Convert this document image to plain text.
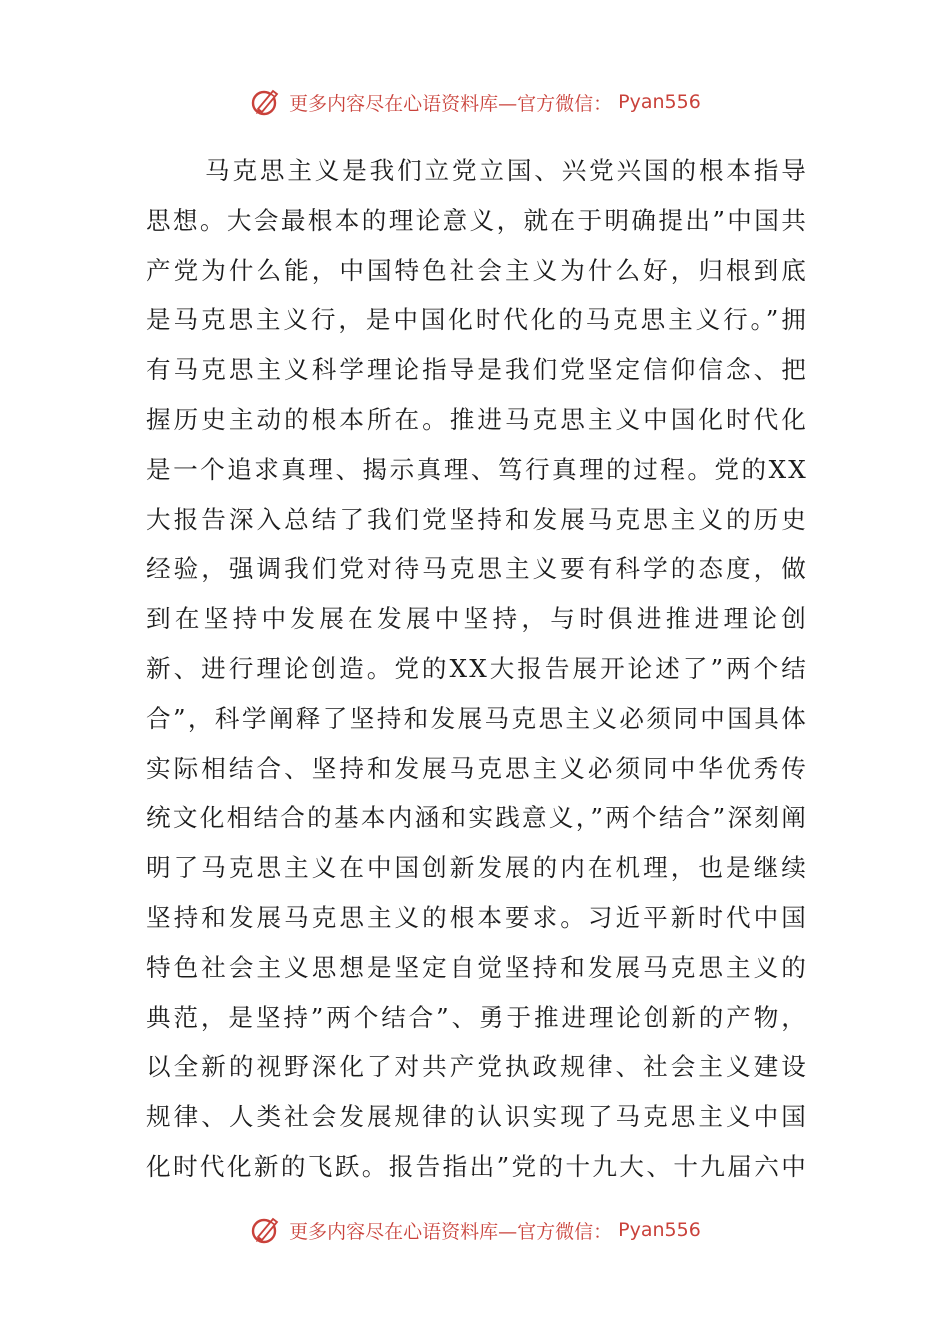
更多内容尽在心语资料库—官方微信： Pyan556

马克思主义是我们立党立国、兴党兴国的根本指导思想。大会最根本的理论意义，就在于明确提出”中国共产党为什么能，中国特色社会主义为什么好，归根到底是马克思主义行，是中国化时代化的马克思主义行。”拥有马克思主义科学理论指导是我们党坚定信仰信念、把握历史主动的根本所在。推进马克思主义中国化时代化是一个追求真理、揭示真理、笃行真理的过程。党的XX大报告深入总结了我们党坚持和发展马克思主义的历史经验，强调我们党对待马克思主义要有科学的态度，做到在坚持中发展在发展中坚持，与时俱进推进理论创新、进行理论创造。党的XX大报告展开论述了”两个结合”，科学阐释了坚持和发展马克思主义必须同中国具体实际相结合、坚持和发展马克思主义必须同中华优秀传统文化相结合的基本内涵和实践意义，”两个结合”深刻阐明了马克思主义在中国创新发展的内在机理，也是继续坚持和发展马克思主义的根本要求。习近平新时代中国特色社会主义思想是坚定自觉坚持和发展马克思主义的典范，是坚持”两个结合”、勇于推进理论创新的产物，以全新的视野深化了对共产党执政规律、社会主义建设规律、人类社会发展规律的认识实现了马克思主义中国化时代化新的飞跃。报告指出”党的十九大、十九届六中

更多内容尽在心语资料库—官方微信： Pyan556
